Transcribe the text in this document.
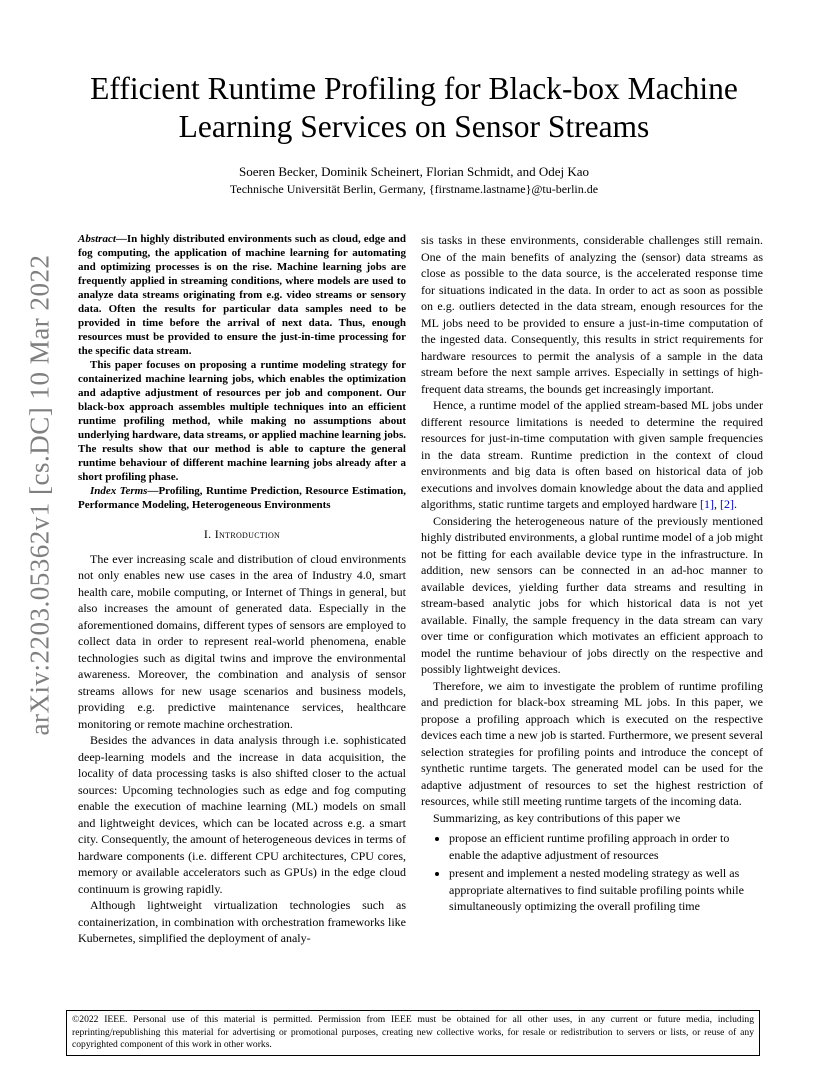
arXiv:2203.05362v1 [cs.DC] 10 Mar 2022
Efficient Runtime Profiling for Black-box Machine Learning Services on Sensor Streams
Soeren Becker, Dominik Scheinert, Florian Schmidt, and Odej Kao
Technische Universität Berlin, Germany, {firstname.lastname}@tu-berlin.de

Abstract—In highly distributed environments such as cloud, edge and fog computing, the application of machine learning for automating and optimizing processes is on the rise. Machine learning jobs are frequently applied in streaming conditions, where models are used to analyze data streams originating from e.g. video streams or sensory data. Often the results for particular data samples need to be provided in time before the arrival of next data. Thus, enough resources must be provided to ensure the just-in-time processing for the specific data stream.

This paper focuses on proposing a runtime modeling strategy for containerized machine learning jobs, which enables the optimization and adaptive adjustment of resources per job and component. Our black-box approach assembles multiple techniques into an efficient runtime profiling method, while making no assumptions about underlying hardware, data streams, or applied machine learning jobs. The results show that our method is able to capture the general runtime behaviour of different machine learning jobs already after a short profiling phase.

Index Terms—Profiling, Runtime Prediction, Resource Estimation, Performance Modeling, Heterogeneous Environments

I. Introduction

The ever increasing scale and distribution of cloud environments not only enables new use cases in the area of Industry 4.0, smart health care, mobile computing, or Internet of Things in general, but also increases the amount of generated data. Especially in the aforementioned domains, different types of sensors are employed to collect data in order to represent real-world phenomena, enable technologies such as digital twins and improve the environmental awareness. Moreover, the combination and analysis of sensor streams allows for new usage scenarios and business models, providing e.g. predictive maintenance services, healthcare monitoring or remote machine orchestration.

Besides the advances in data analysis through i.e. sophisticated deep-learning models and the increase in data acquisition, the locality of data processing tasks is also shifted closer to the actual sources: Upcoming technologies such as edge and fog computing enable the execution of machine learning (ML) models on small and lightweight devices, which can be located across e.g. a smart city. Consequently, the amount of heterogeneous devices in terms of hardware components (i.e. different CPU architectures, CPU cores, memory or available accelerators such as GPUs) in the edge cloud continuum is growing rapidly.

Although lightweight virtualization technologies such as containerization, in combination with orchestration frameworks like Kubernetes, simplified the deployment of analy-

sis tasks in these environments, considerable challenges still remain. One of the main benefits of analyzing the (sensor) data streams as close as possible to the data source, is the accelerated response time for situations indicated in the data. In order to act as soon as possible on e.g. outliers detected in the data stream, enough resources for the ML jobs need to be provided to ensure a just-in-time computation of the ingested data. Consequently, this results in strict requirements for hardware resources to permit the analysis of a sample in the data stream before the next sample arrives. Especially in settings of high-frequent data streams, the bounds get increasingly important.

Hence, a runtime model of the applied stream-based ML jobs under different resource limitations is needed to determine the required resources for just-in-time computation with given sample frequencies in the data stream. Runtime prediction in the context of cloud environments and big data is often based on historical data of job executions and involves domain knowledge about the data and applied algorithms, static runtime targets and employed hardware [1], [2].

Considering the heterogeneous nature of the previously mentioned highly distributed environments, a global runtime model of a job might not be fitting for each available device type in the infrastructure. In addition, new sensors can be connected in an ad-hoc manner to available devices, yielding further data streams and resulting in stream-based analytic jobs for which historical data is not yet available. Finally, the sample frequency in the data stream can vary over time or configuration which motivates an efficient approach to model the runtime behaviour of jobs directly on the respective and possibly lightweight devices.

Therefore, we aim to investigate the problem of runtime profiling and prediction for black-box streaming ML jobs. In this paper, we propose a profiling approach which is executed on the respective devices each time a new job is started. Furthermore, we present several selection strategies for profiling points and introduce the concept of synthetic runtime targets. The generated model can be used for the adaptive adjustment of resources to set the highest restriction of resources, while still meeting runtime targets of the incoming data.

Summarizing, as key contributions of this paper we

• propose an efficient runtime profiling approach in order to enable the adaptive adjustment of resources
• present and implement a nested modeling strategy as well as appropriate alternatives to find suitable profiling points while simultaneously optimizing the overall profiling time
©2022 IEEE. Personal use of this material is permitted. Permission from IEEE must be obtained for all other uses, in any current or future media, including reprinting/republishing this material for advertising or promotional purposes, creating new collective works, for resale or redistribution to servers or lists, or reuse of any copyrighted component of this work in other works.
